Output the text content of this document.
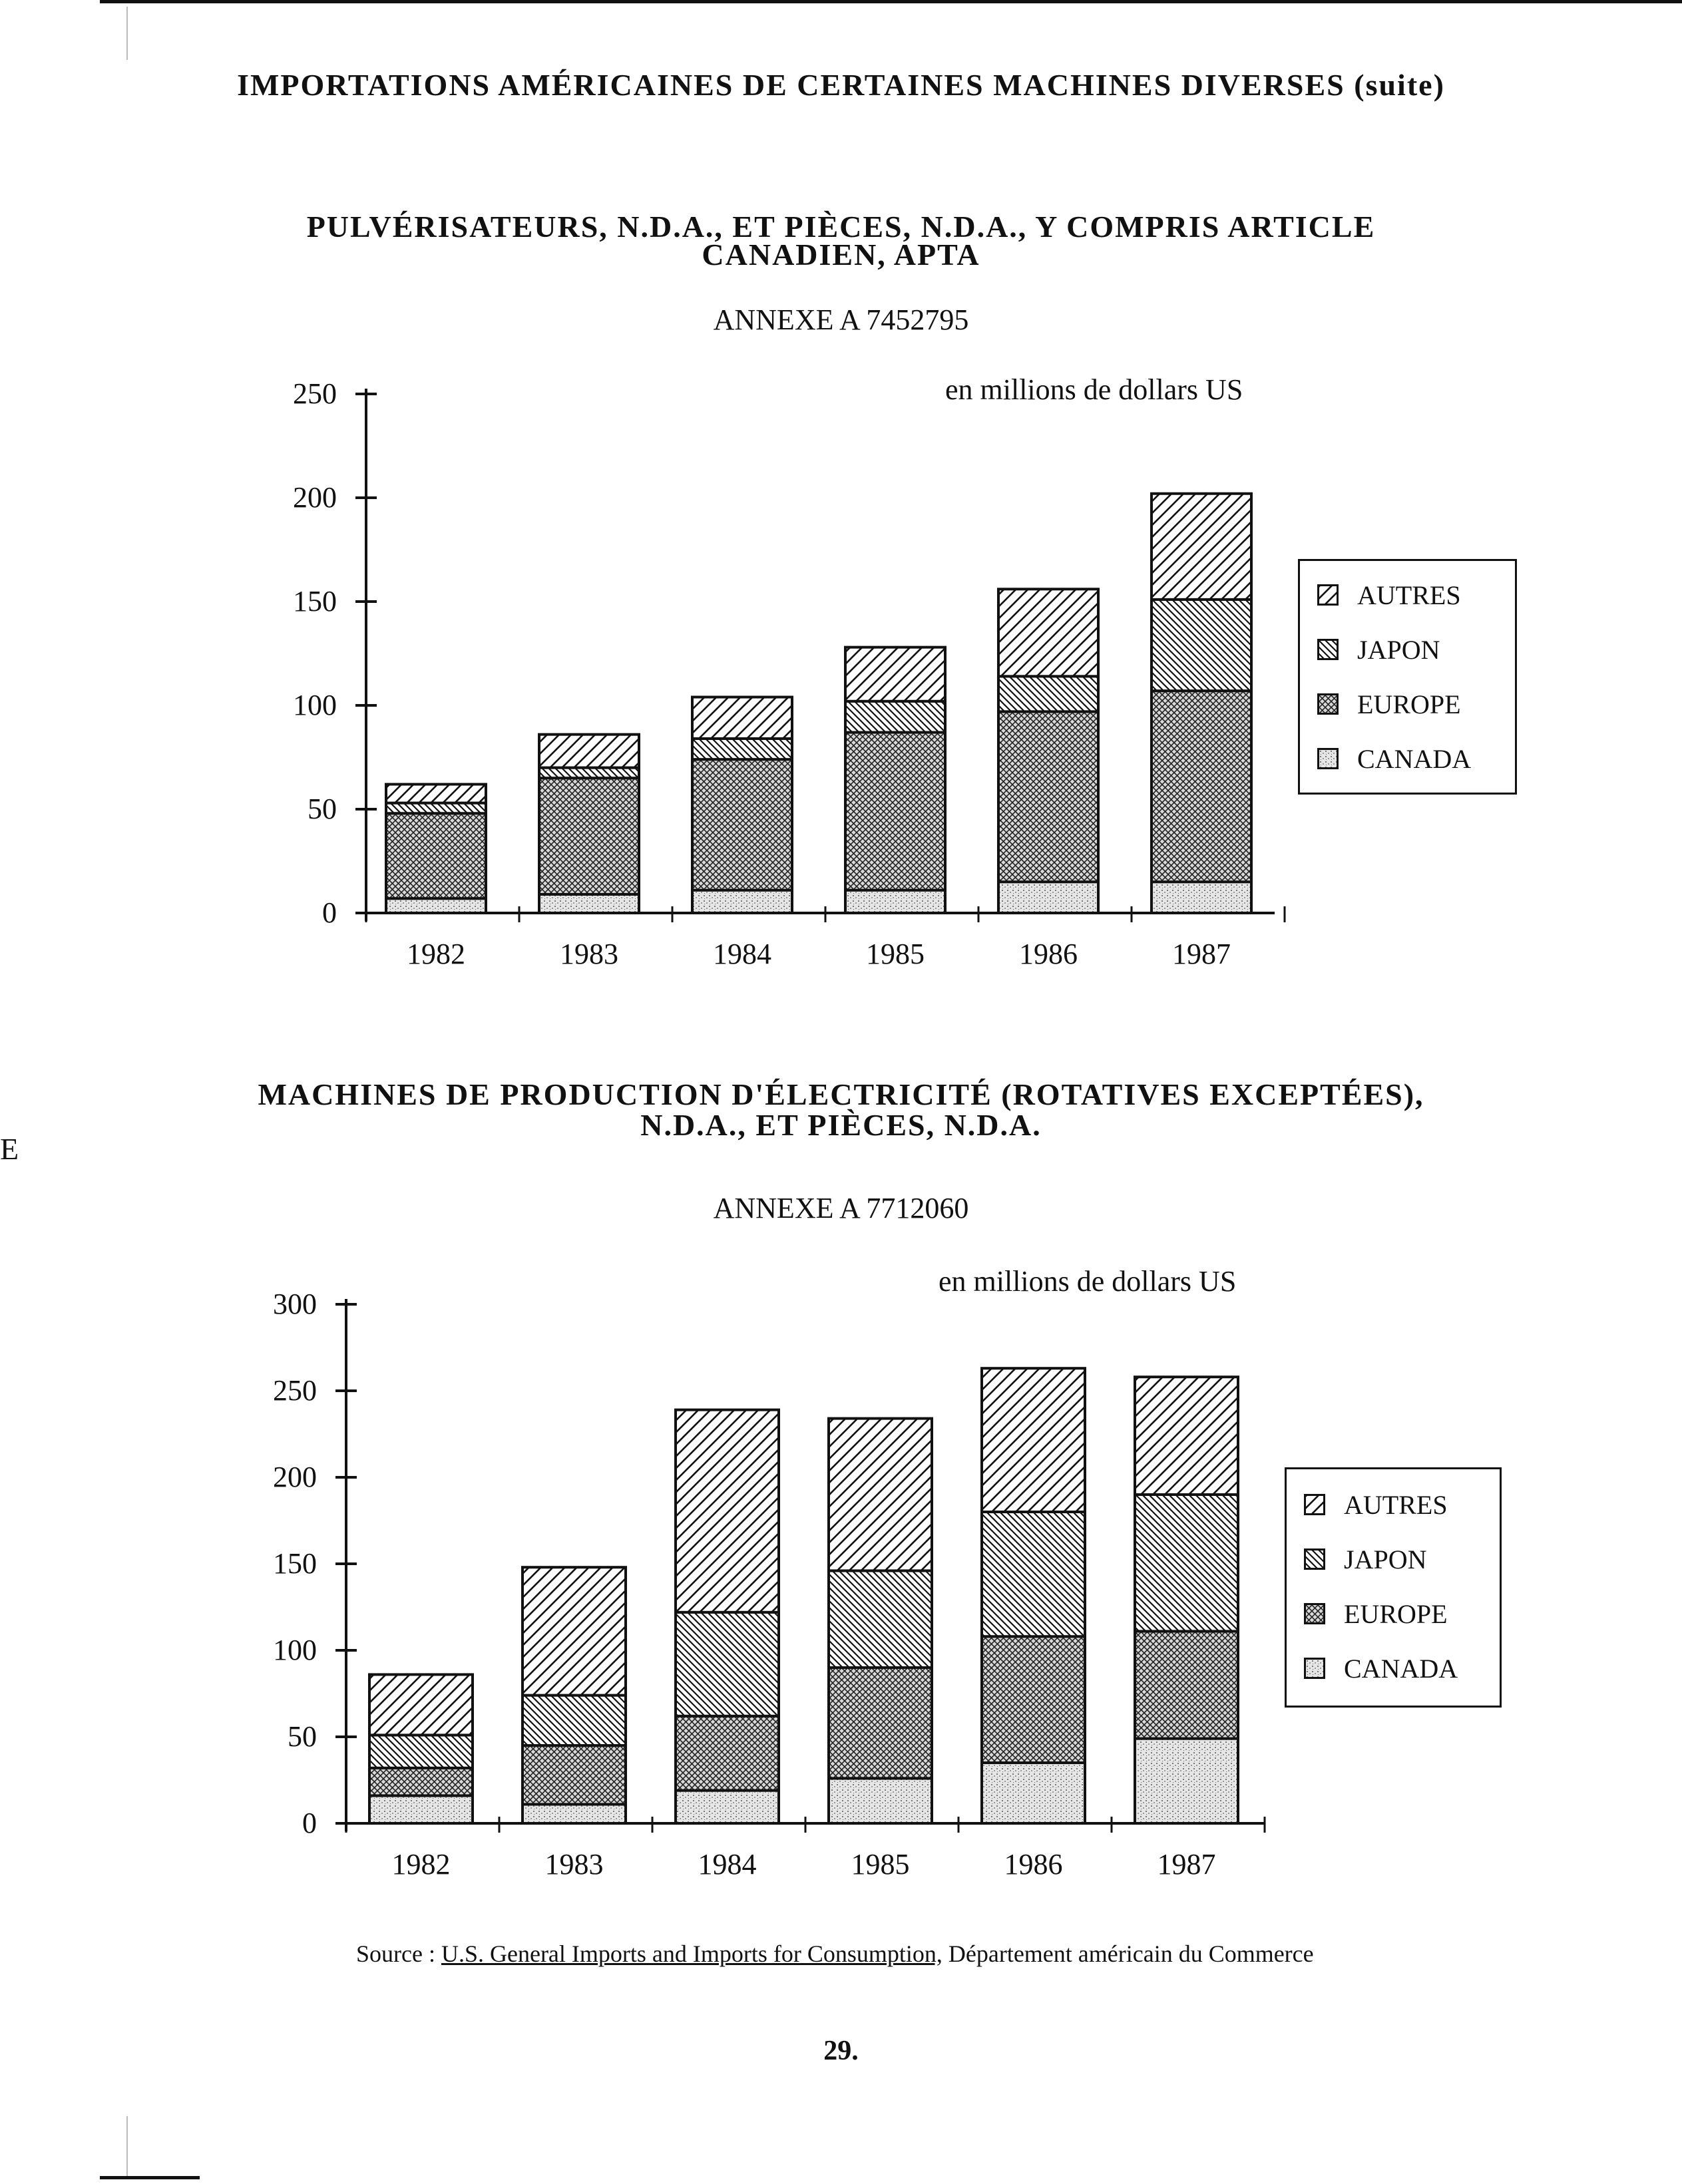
E
IMPORTATIONS AMÉRICAINES DE CERTAINES MACHINES DIVERSES (suite)
PULVÉRISATEURS, N.D.A., ET PIÈCES, N.D.A., Y COMPRIS ARTICLE
CANADIEN, APTA
ANNEXE A 7452795
en millions de dollars US
MACHINES DE PRODUCTION D'ÉLECTRICITÉ (ROTATIVES EXCEPTÉES),
N.D.A., ET PIÈCES, N.D.A.
ANNEXE A 7712060
en millions de dollars US
0
50
100
150
200
250
1982	1983	1984	1985	1986	1987
0
50
100
150
200
250
300
1982	1983	1984	1985	1986	1987
AUTRES
JAPON
EUROPE
CANADA
AUTRES
JAPON
EUROPE
CANADA
Source : U.S. General Imports and Imports for Consumption, Département américain du Commerce
29.
